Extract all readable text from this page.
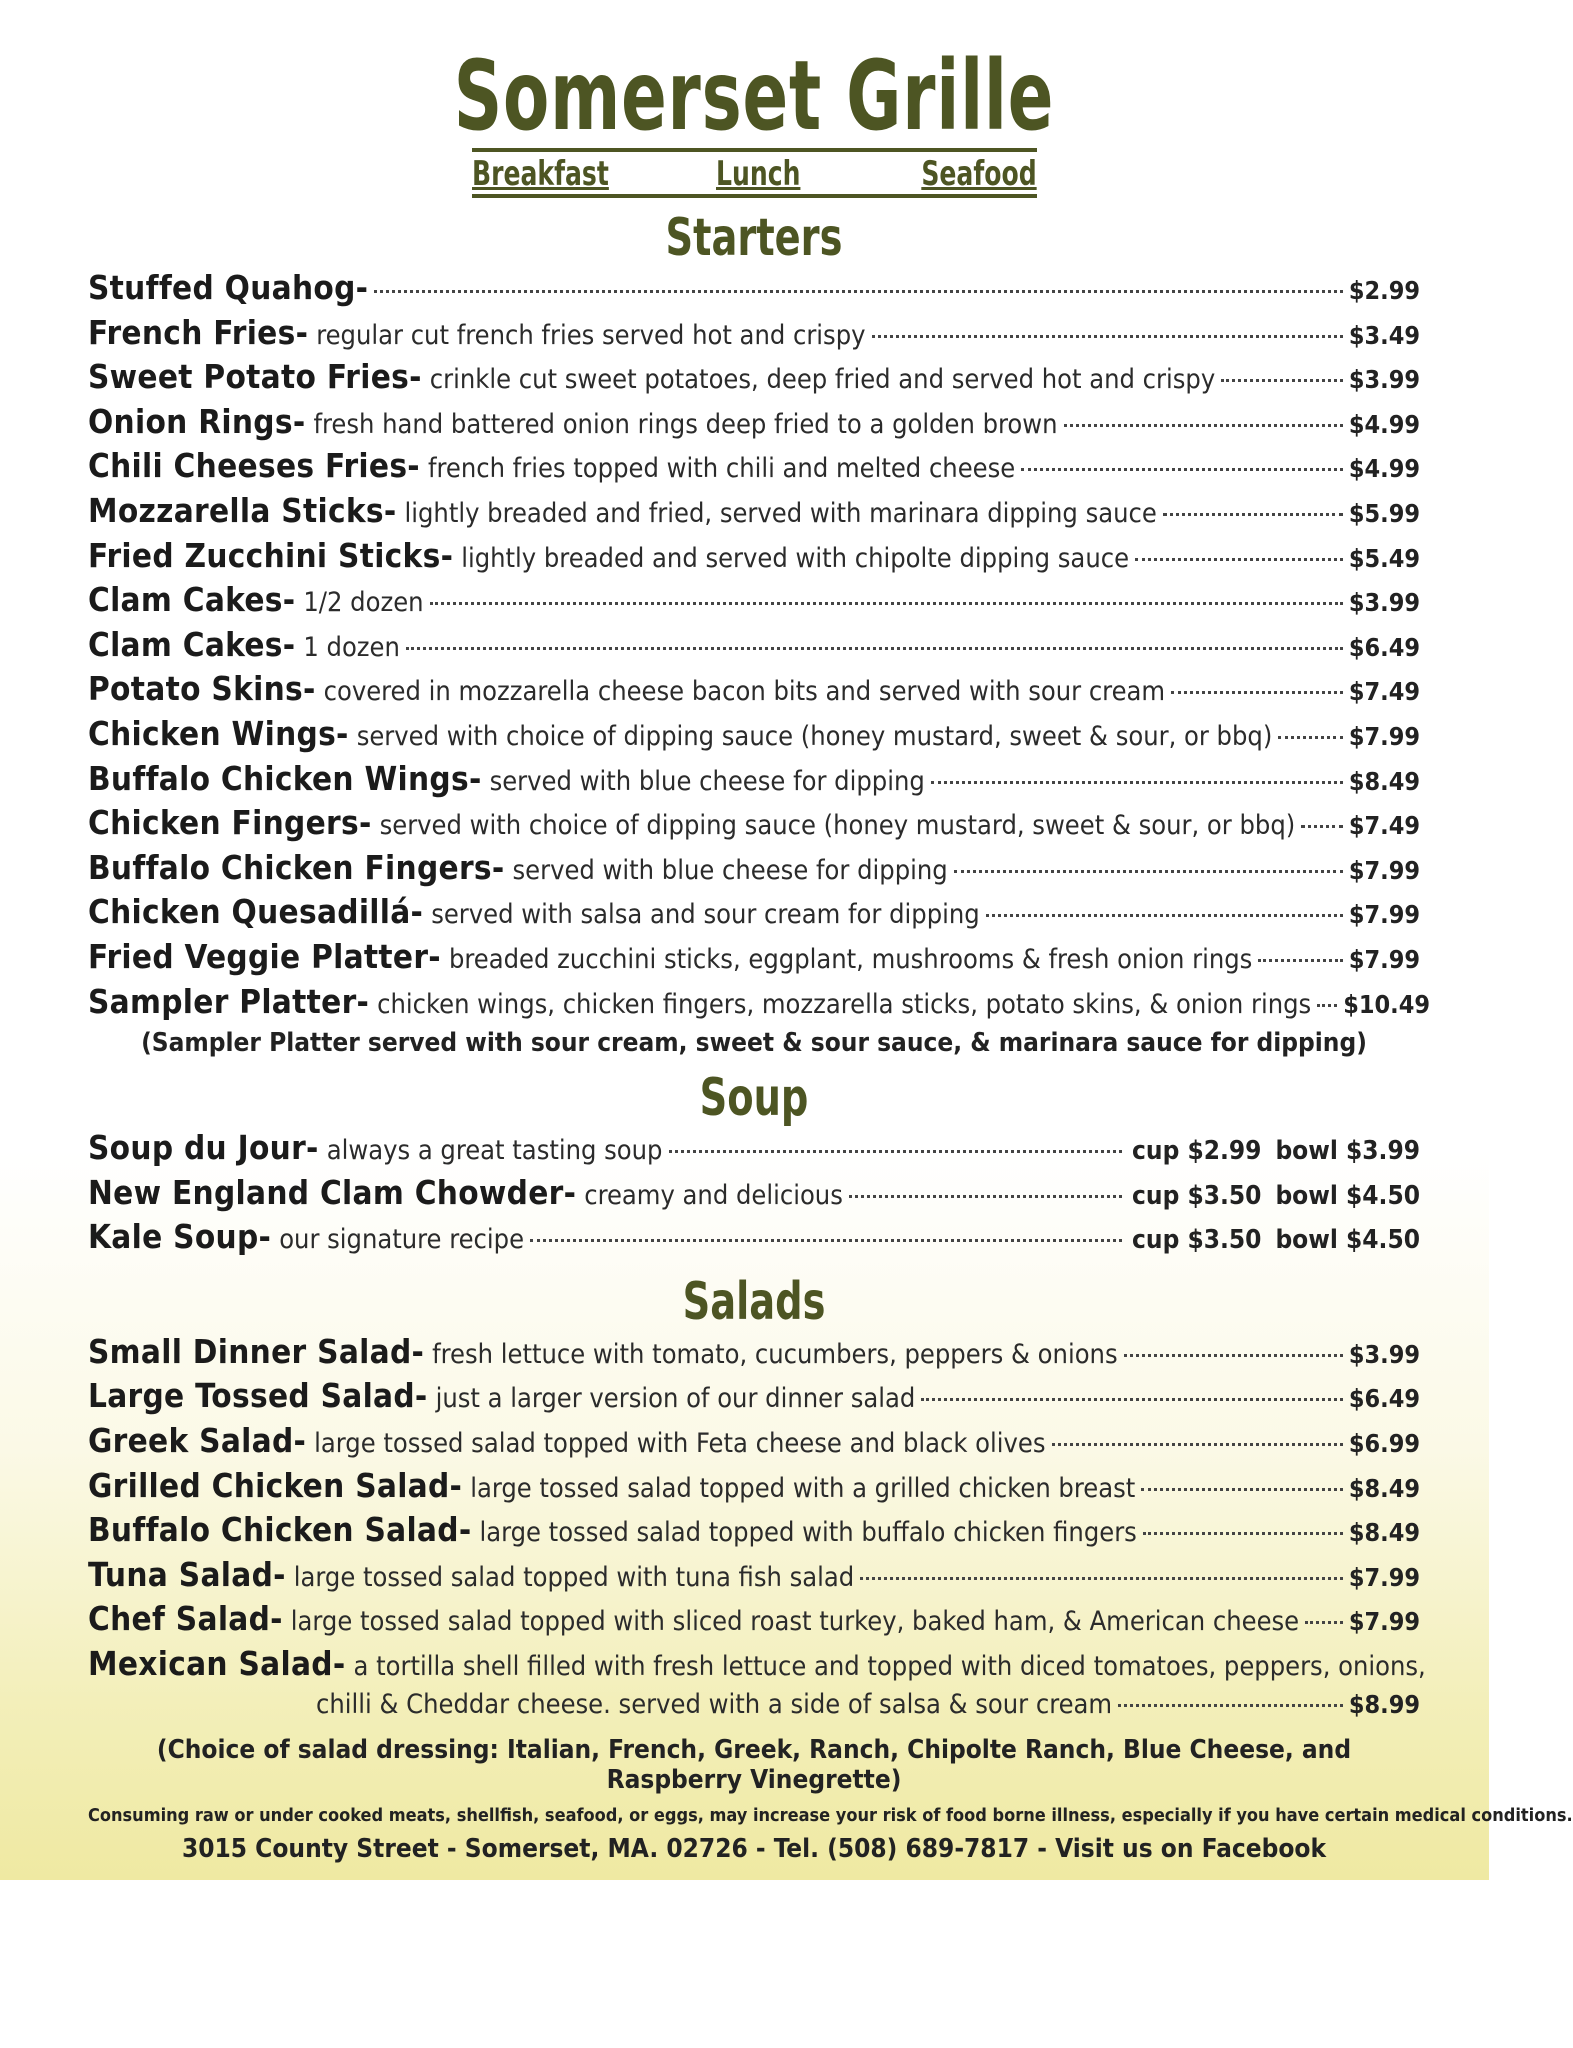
Somerset Grille
Breakfast	Lunch	Seafood
Starters
Stuffed Quahog-	$2.99
French Fries- regular cut french fries served hot and crispy	$3.49
Sweet Potato Fries- crinkle cut sweet potatoes, deep fried and served hot and crispy	$3.99
Onion Rings- fresh hand battered onion rings deep fried to a golden brown	$4.99
Chili Cheeses Fries- french fries topped with chili and melted cheese	$4.99
Mozzarella Sticks- lightly breaded and fried, served with marinara dipping sauce	$5.99
Fried Zucchini Sticks- lightly breaded and served with chipolte dipping sauce	$5.49
Clam Cakes- 1/2 dozen	$3.99
Clam Cakes- 1 dozen	$6.49
Potato Skins- covered in mozzarella cheese bacon bits and served with sour cream	$7.49
Chicken Wings- served with choice of dipping sauce (honey mustard, sweet & sour, or bbq)	$7.99
Buffalo Chicken Wings- served with blue cheese for dipping	$8.49
Chicken Fingers- served with choice of dipping sauce (honey mustard, sweet & sour, or bbq) $7.49
Buffalo Chicken Fingers- served with blue cheese for dipping	$7.99
Chicken Quesadillá- served with salsa and sour cream for dipping	$7.99
Fried Veggie Platter- breaded zucchini sticks, eggplant, mushrooms & fresh onion rings	$7.99
Sampler Platter- chicken wings, chicken fingers, mozzarella sticks, potato skins, & onion rings $10.49
(Sampler Platter served with sour cream, sweet & sour sauce, & marinara sauce for dipping)
Soup
Soup du Jour- always a great tasting soup	cup $2.99 bowl $3.99
New England Clam Chowder- creamy and delicious	cup $3.50 bowl $4.50
Kale Soup- our signature recipe	cup $3.50 bowl $4.50
Salads
Small Dinner Salad- fresh lettuce with tomato, cucumbers, peppers & onions	$3.99
Large Tossed Salad- just a larger version of our dinner salad	$6.49
Greek Salad- large tossed salad topped with Feta cheese and black olives	$6.99
Grilled Chicken Salad- large tossed salad topped with a grilled chicken breast	$8.49
Buffalo Chicken Salad- large tossed salad topped with buffalo chicken fingers	$8.49
Tuna Salad- large tossed salad topped with tuna fish salad	$7.99
Chef Salad- large tossed salad topped with sliced roast turkey, baked ham, & American cheese $7.99
Mexican Salad- a tortilla shell filled with fresh lettuce and topped with diced tomatoes, peppers, onions,
chilli & Cheddar cheese. served with a side of salsa & sour cream	$8.99
(Choice of salad dressing: Italian, French, Greek, Ranch, Chipolte Ranch, Blue Cheese, and Raspberry Vinegrette)
Consuming raw or under cooked meats, shellfish, seafood, or eggs, may increase your risk of food borne illness, especially if you have certain medical conditions.
3015 County Street - Somerset, MA. 02726 - Tel. (508) 689-7817 - Visit us on Facebook
